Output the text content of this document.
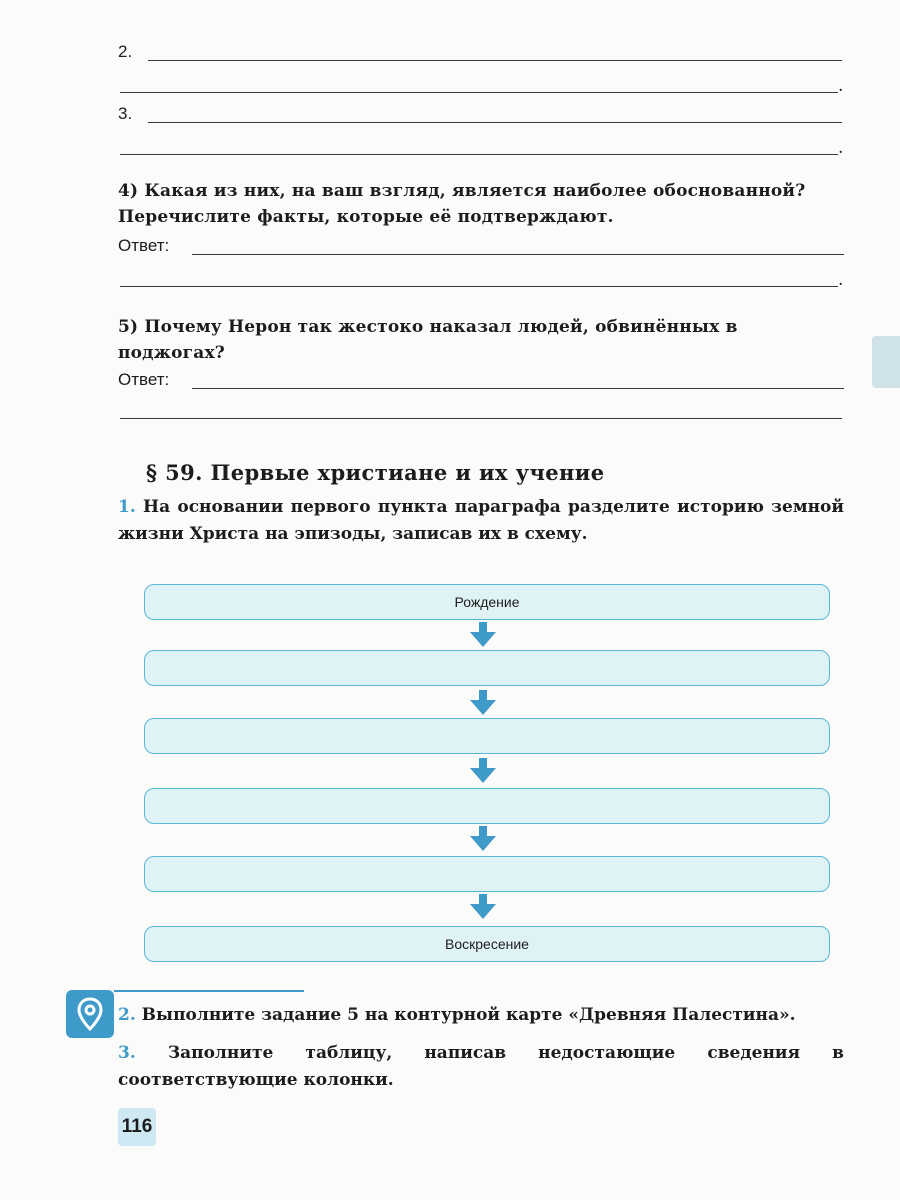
2.
.
3.
.
4) Какая из них, на ваш взгляд, является наиболее обоснованной? Перечислите факты, которые её подтверждают.
Ответ:
.
5) Почему Нерон так жестоко наказал людей, обвинённых в поджогах?
Ответ:
§ 59. Первые христиане и их учение
1. На основании первого пункта параграфа разделите историю земной жизни Христа на эпизоды, записав их в схему.
Рождение
Воскресение
2. Выполните задание 5 на контурной карте «Древняя Палестина».
3. Заполните таблицу, написав недостающие сведения в соответствующие колонки.
116
